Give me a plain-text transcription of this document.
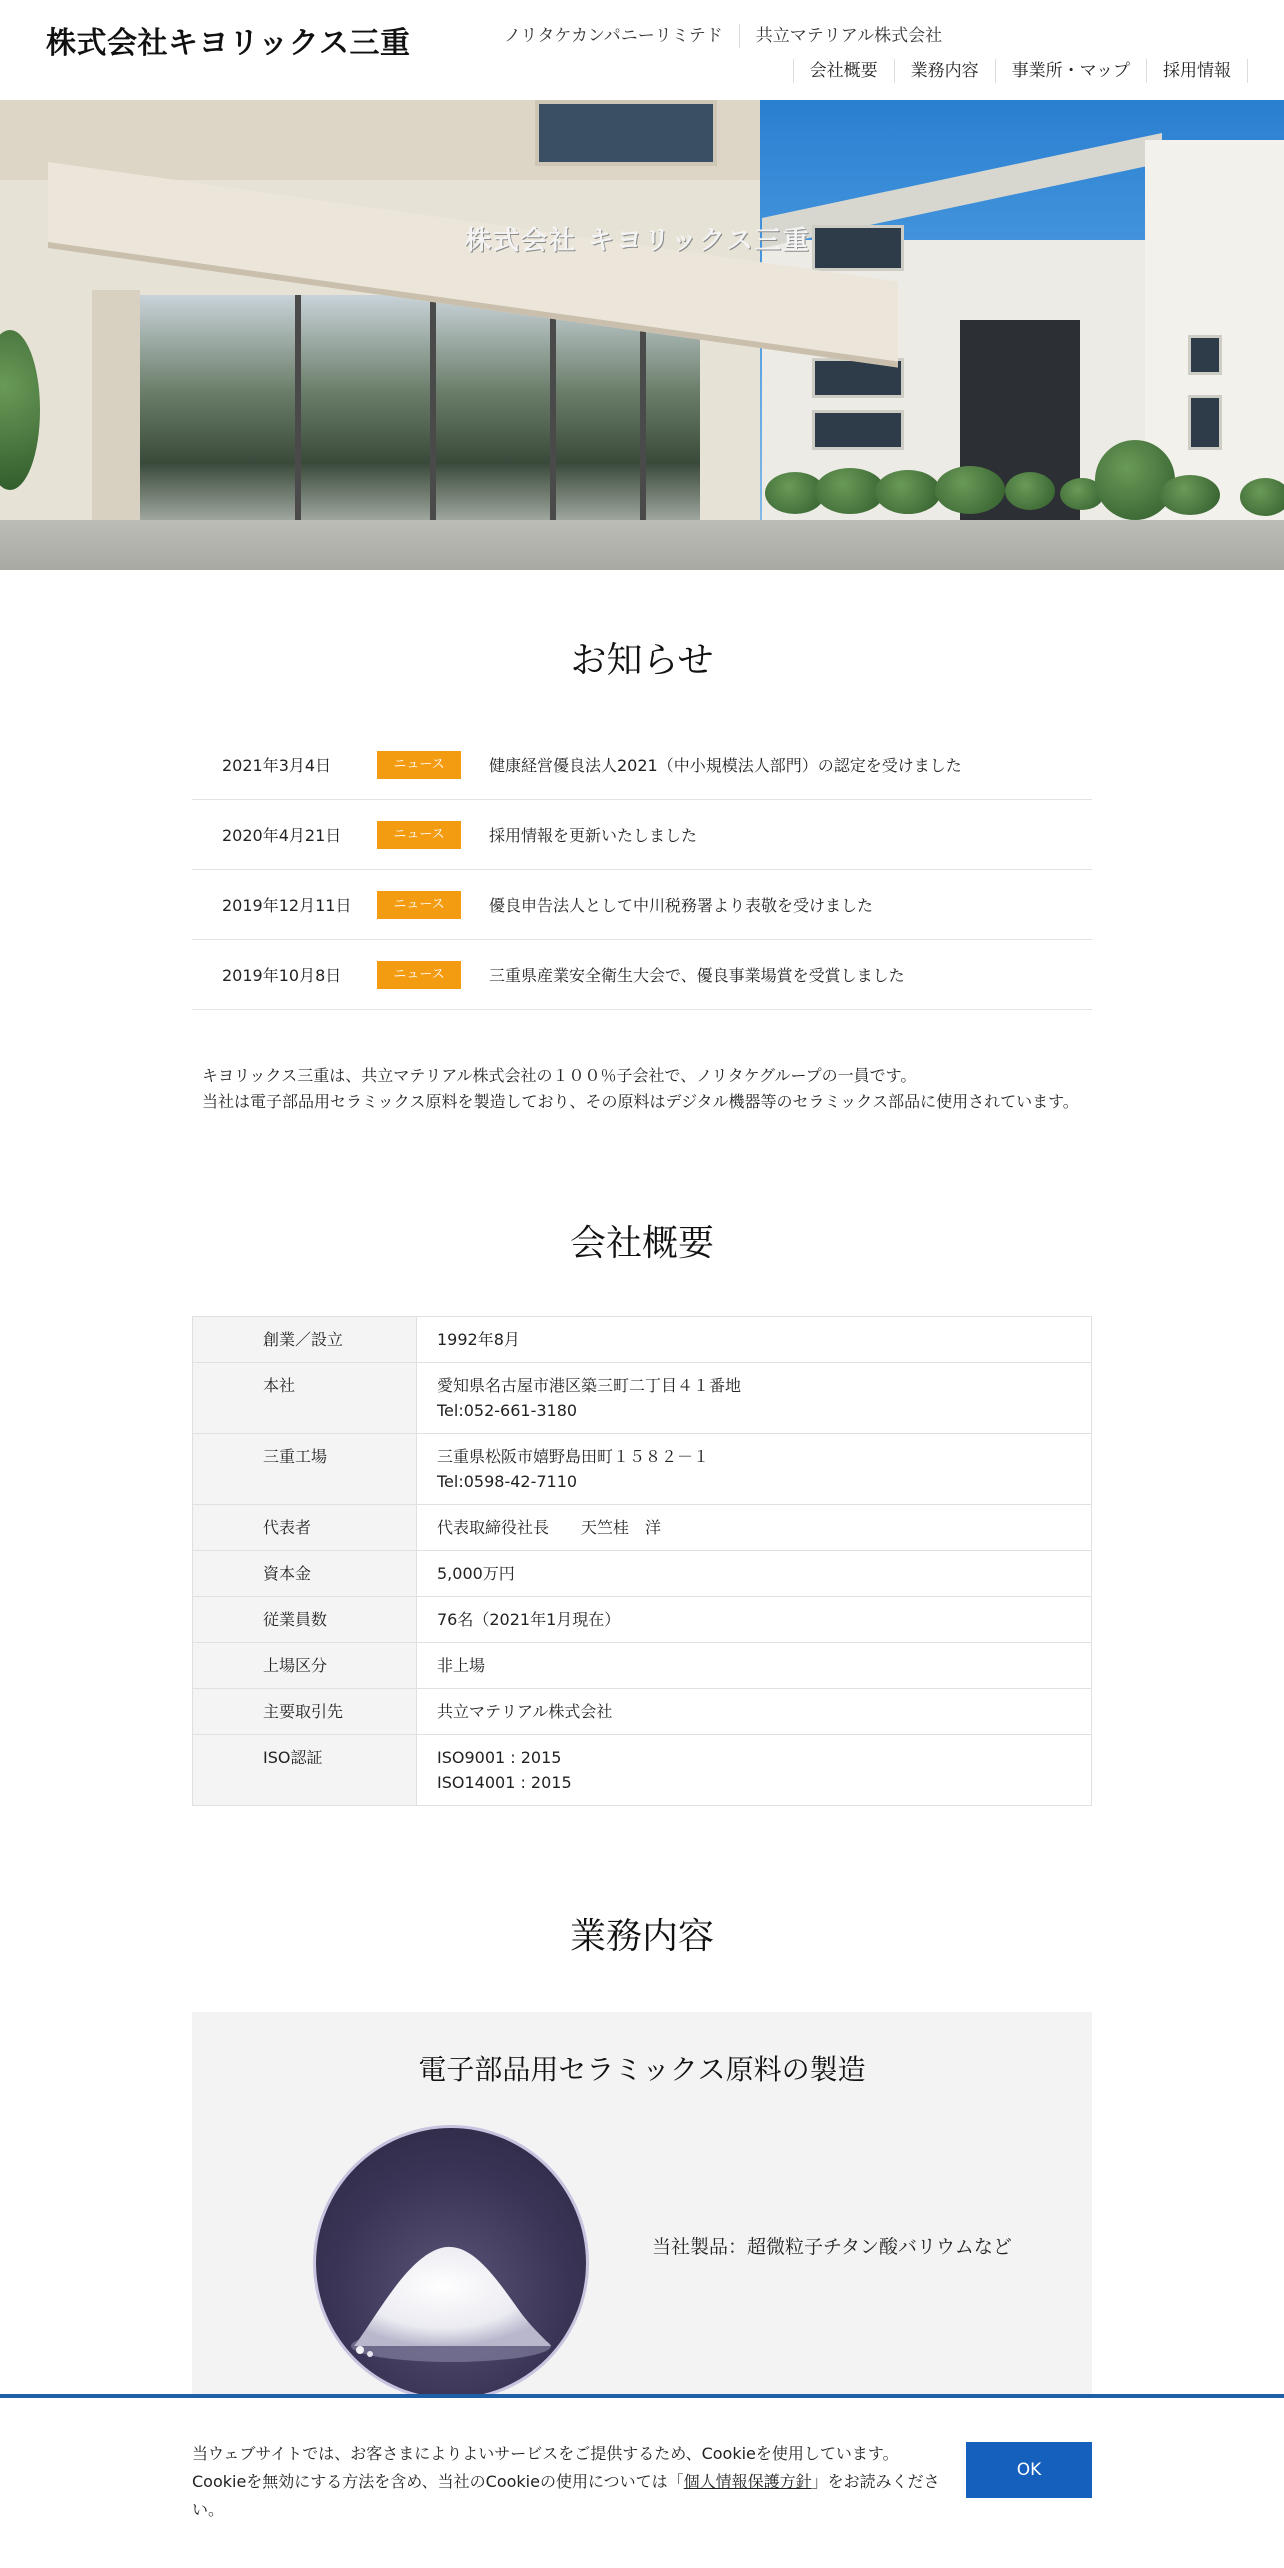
株式会社キヨリックス三重	ノリタケカンパニーリミテド	共立マテリアル株式会社
会社概要	業務内容	事業所・マップ	採用情報
株式会社 キヨリックス三重
お知らせ
2021年3月4日	ニュース	健康経営優良法人2021（中小規模法人部門）の認定を受けました
2020年4月21日	ニュース	採用情報を更新いたしました
2019年12月11日	ニュース	優良申告法人として中川税務署より表敬を受けました
2019年10月8日	ニュース	三重県産業安全衛生大会で、優良事業場賞を受賞しました
キヨリックス三重は、共立マテリアル株式会社の１００％子会社で、ノリタケグループの一員です。
当社は電子部品用セラミックス原料を製造しており、その原料はデジタル機器等のセラミックス部品に使用されています。
会社概要
創業／設立	1992年8月

本社	愛知県名古屋市港区築三町二丁目４１番地
Tel:052-661-3180

三重工場	三重県松阪市嬉野島田町１５８２－１
Tel:0598-42-7110

代表者	代表取締役社長　　天竺桂　洋

資本金	5,000万円

従業員数	76名（2021年1月現在）

上場区分	非上場

主要取引先	共立マテリアル株式会社

ISO認証	ISO9001 : 2015
ISO14001 : 2015
業務内容
電子部品用セラミックス原料の製造
当社製品：超微粒子チタン酸バリウムなど
当ウェブサイトでは、お客さまによりよいサービスをご提供するため、Cookieを使用しています。Cookieを無効にする方法を含め、当社のCookieの使用については「個人情報保護方針」をお読みください。
OK
